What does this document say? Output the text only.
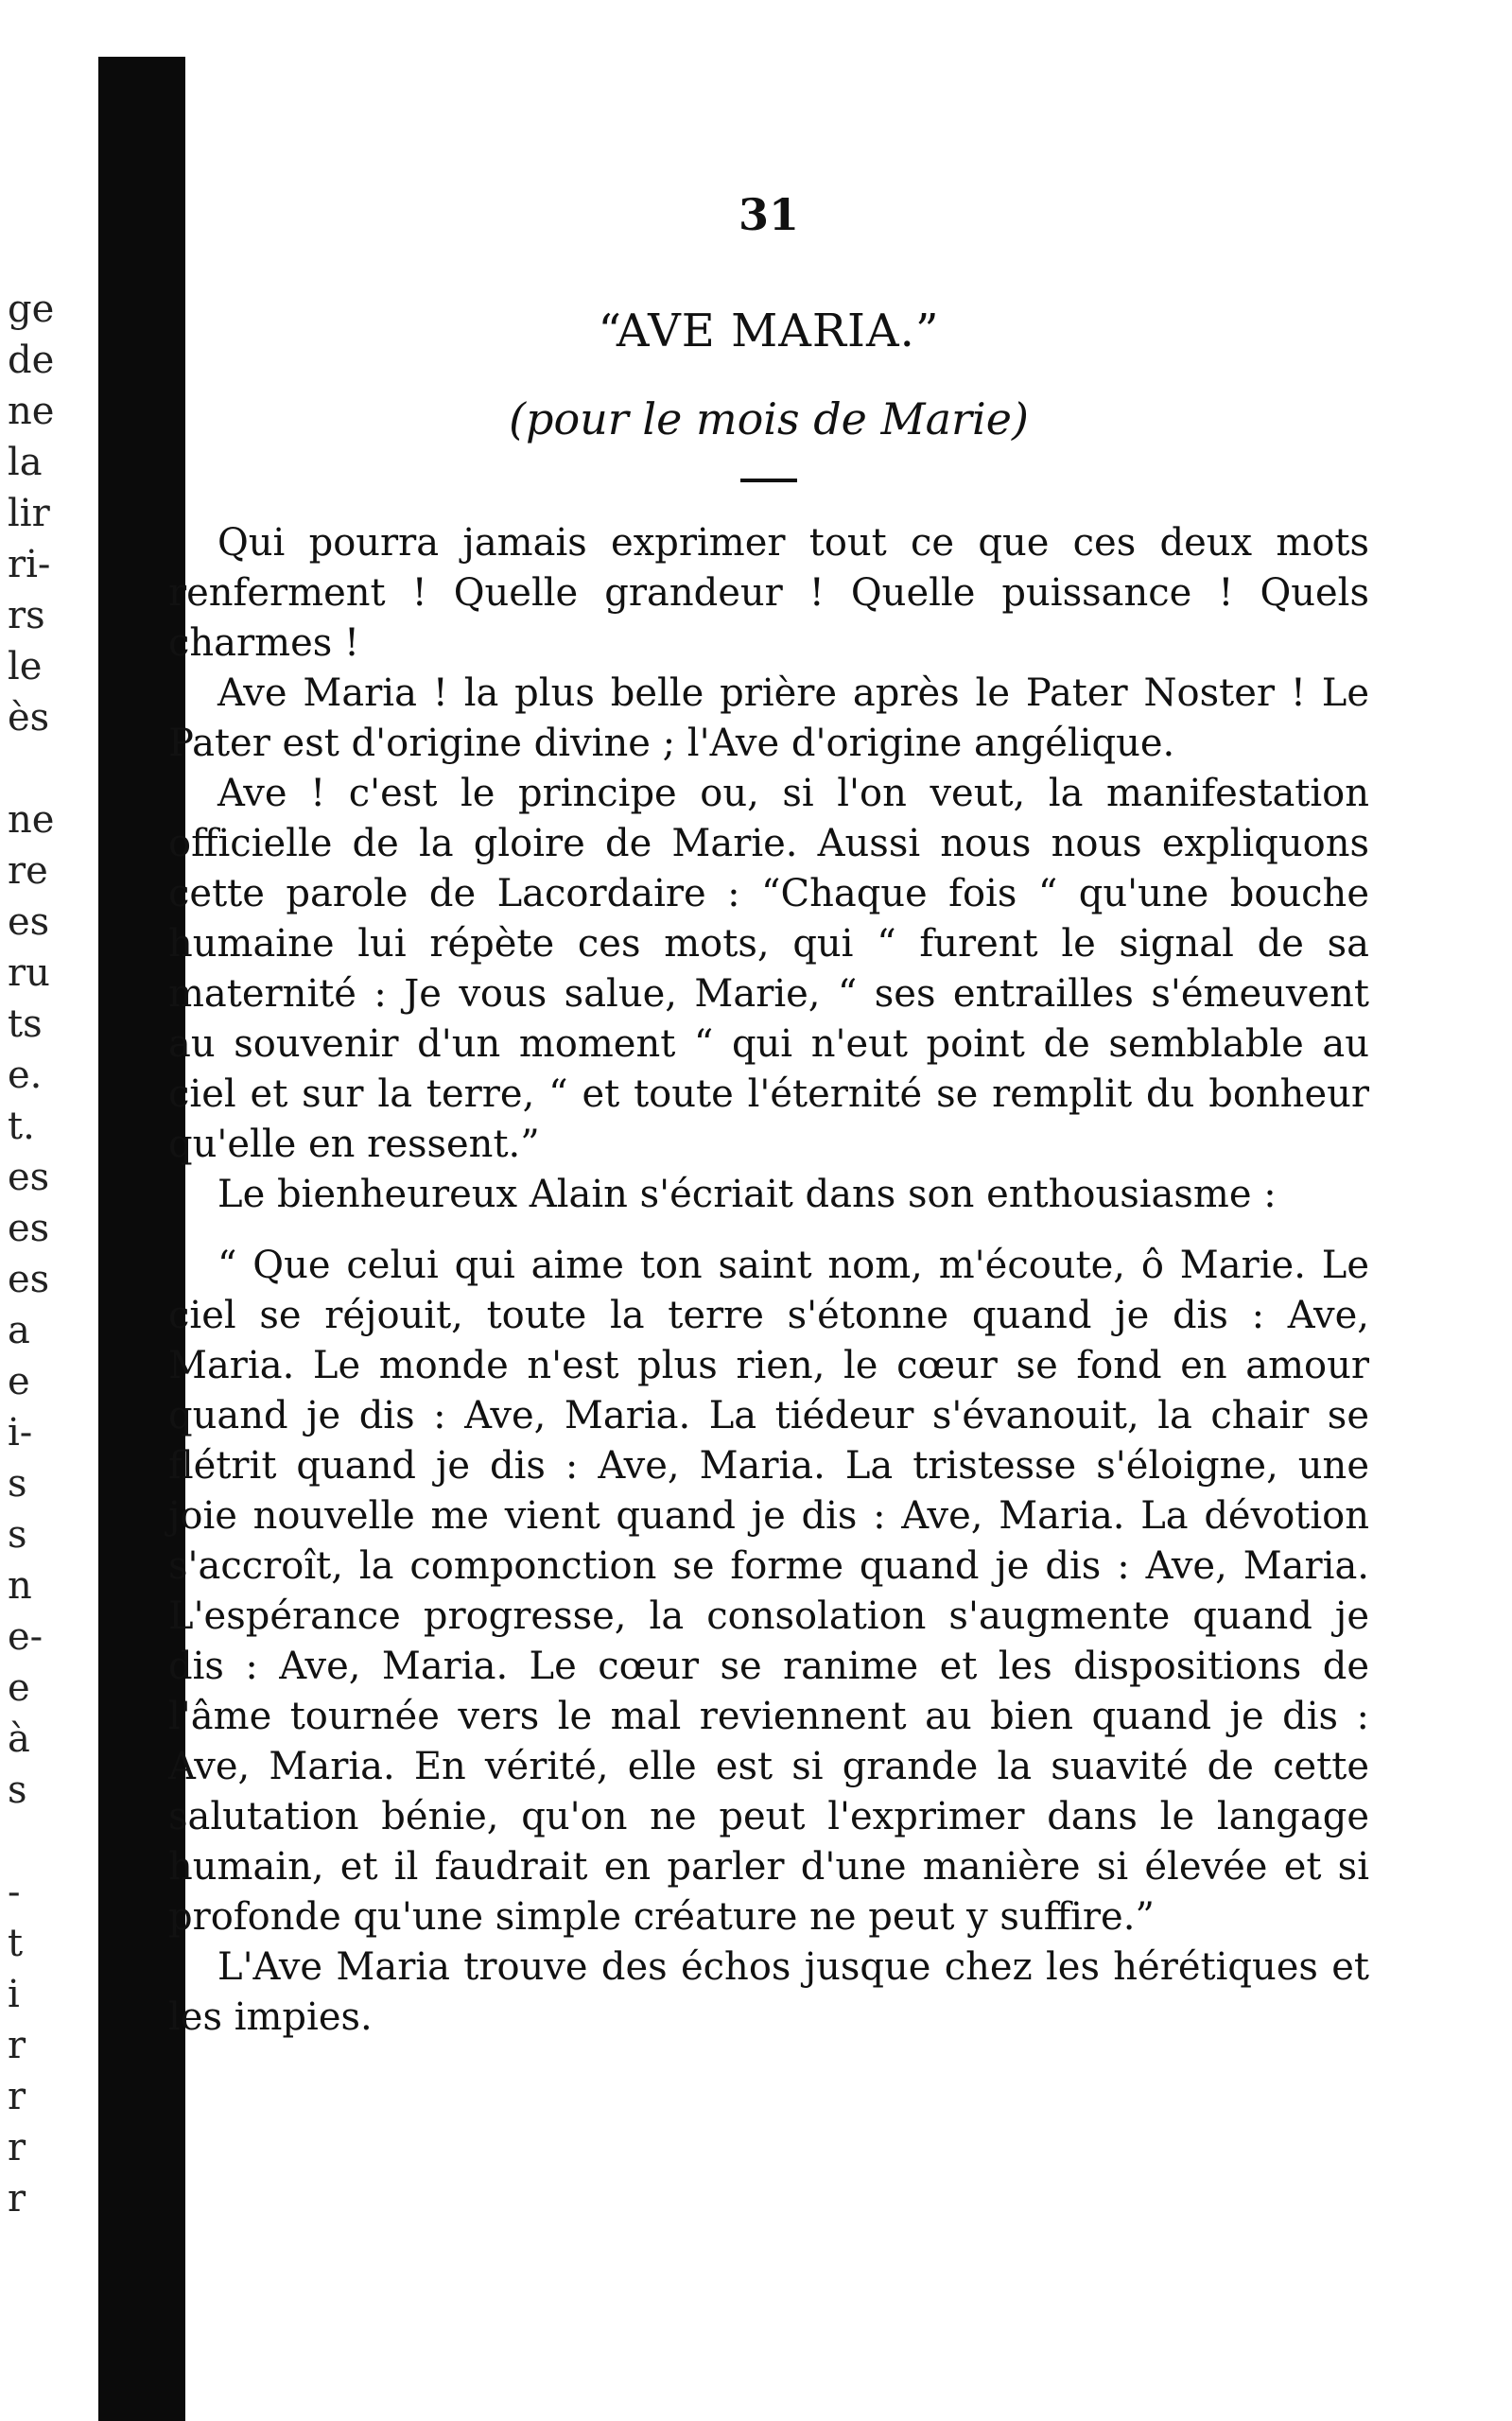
ge
de
ne
la
lir
ri-
rs
le
ès

ne
re
es
ru
ts
e.
t.
es
es
es
a
e
i-
s
s
n
e-
e
à
s

-
t
i
r
r
r
r
31
“AVE MARIA.”
(pour le mois de Marie)

Qui pourra jamais exprimer tout ce que ces deux mots renferment ! Quelle grandeur ! Quelle puissance ! Quels charmes !

Ave Maria ! la plus belle prière après le Pater Noster ! Le Pater est d'origine divine ; l'Ave d'origine angélique.

Ave ! c'est le principe ou, si l'on veut, la manifestation officielle de la gloire de Marie. Aussi nous nous expliquons cette parole de Lacordaire : “Chaque fois “ qu'une bouche humaine lui répète ces mots, qui “ furent le signal de sa maternité : Je vous salue, Marie, “ ses entrailles s'émeuvent au souvenir d'un moment “ qui n'eut point de semblable au ciel et sur la terre, “ et toute l'éternité se remplit du bonheur qu'elle en ressent.”

Le bienheureux Alain s'écriait dans son enthousiasme :

“ Que celui qui aime ton saint nom, m'écoute, ô Marie. Le ciel se réjouit, toute la terre s'étonne quand je dis : Ave, Maria. Le monde n'est plus rien, le cœur se fond en amour quand je dis : Ave, Maria. La tiédeur s'évanouit, la chair se flétrit quand je dis : Ave, Maria. La tristesse s'éloigne, une joie nouvelle me vient quand je dis : Ave, Maria. La dévotion s'accroît, la componction se forme quand je dis : Ave, Maria. L'espérance progresse, la consolation s'augmente quand je dis : Ave, Maria. Le cœur se ranime et les dispositions de l'âme tournée vers le mal reviennent au bien quand je dis : Ave, Maria. En vérité, elle est si grande la suavité de cette salutation bénie, qu'on ne peut l'exprimer dans le langage humain, et il faudrait en parler d'une manière si élevée et si profonde qu'une simple créature ne peut y suffire.”

L'Ave Maria trouve des échos jusque chez les hérétiques et les impies.
